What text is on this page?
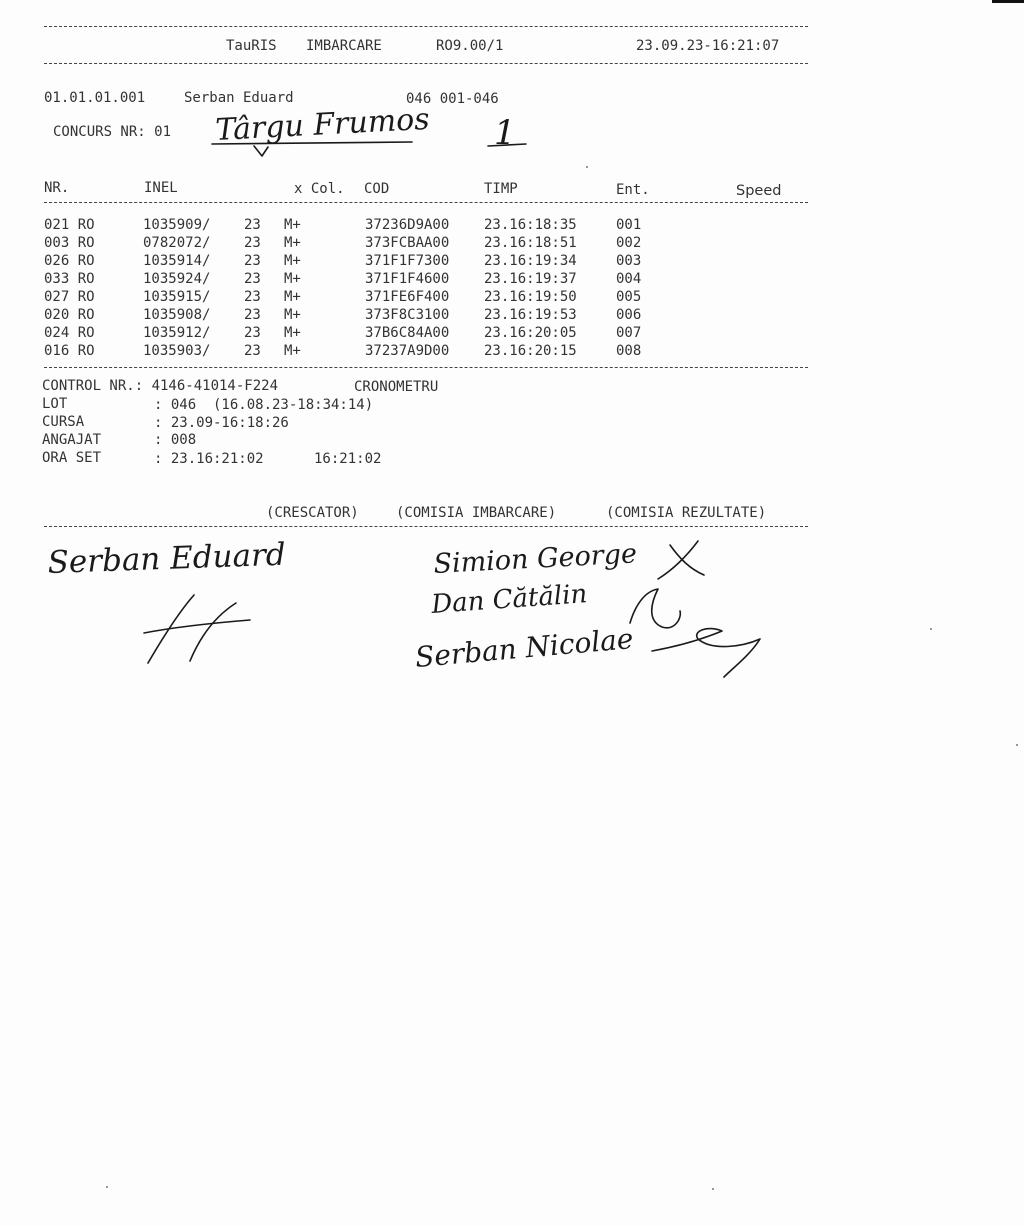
TauRIS IMBARCARE	RO9.00/1	23.09.23-16:21:07
01.01.01.001	Serban Eduard	046 001-046
CONCURS NR: 01 Târgu Frumos 1
NR.	INEL	x Col. COD	TIMP	Ent.	Speed
021 RO	1035909/ 23 M+	37236D9A00 23.16:18:35	001
003 RO	0782072/ 23 M+	373FCBAA00 23.16:18:51	002
026 RO	1035914/ 23 M+	371F1F7300 23.16:19:34	003
033 RO	1035924/ 23 M+	371F1F4600 23.16:19:37	004
027 RO	1035915/ 23 M+	371FE6F400 23.16:19:50	005
020 RO	1035908/ 23 M+	373F8C3100 23.16:19:53	006
024 RO	1035912/ 23 M+	37B6C84A00 23.16:20:05	007
016 RO	1035903/ 23 M+	37237A9D00 23.16:20:15	008
CONTROL NR.: 4146-41014-F224	CRONOMETRU
LOT	: 046  (16.08.23-18:34:14)
CURSA	: 23.09-16:18:26
ANGAJAT	: 008
ORA SET	: 23.16:21:02	16:21:02
(CRESCATOR)	(COMISIA IMBARCARE)	(COMISIA REZULTATE)
Serban Eduard	Simion George
Dan Cătălin
Serban Nicolae
